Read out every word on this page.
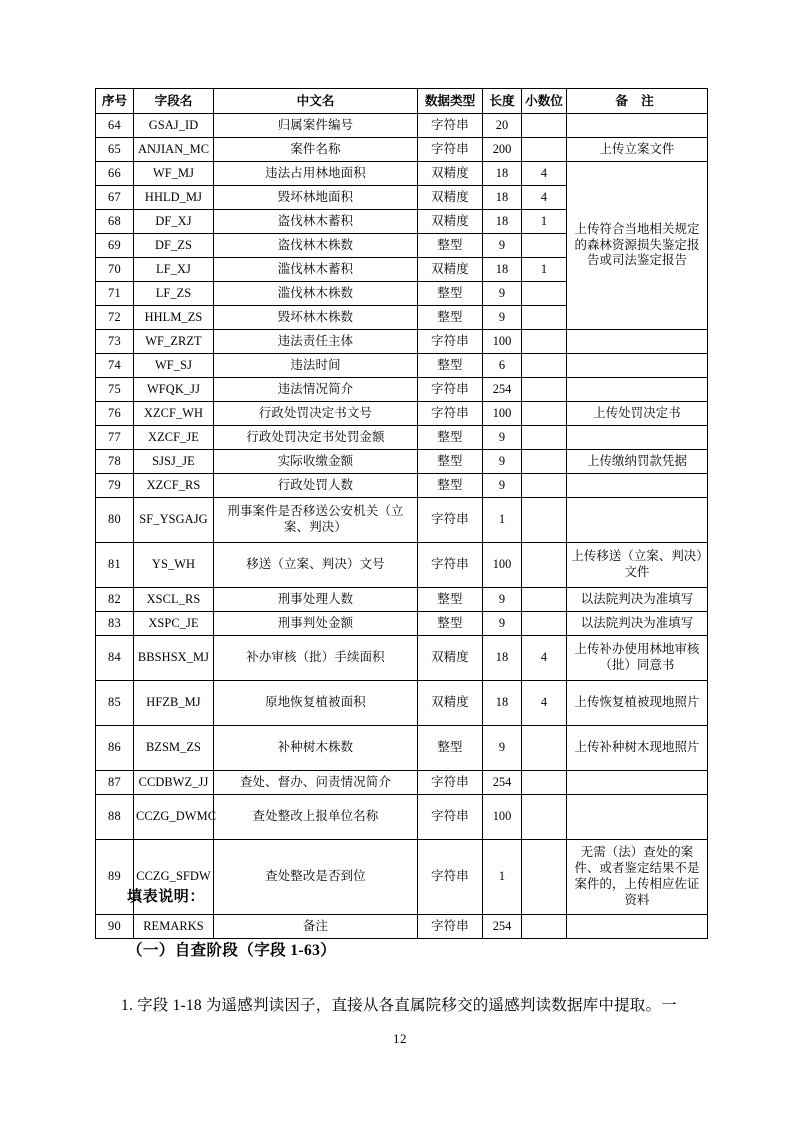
序号	字段名	中文名	数据类型	长度	小数位	备 注
64	GSAJ_ID	归属案件编号	字符串	20		
65	ANJIAN_MC	案件名称	字符串	200		上传立案文件
66	WF_MJ	违法占用林地面积	双精度	18	4	上传符合当地相关规定的森林资源损失鉴定报告或司法鉴定报告
67	HHLD_MJ	毁坏林地面积	双精度	18	4	
68	DF_XJ	盗伐林木蓄积	双精度	18	1	
69	DF_ZS	盗伐林木株数	整型	9		
70	LF_XJ	滥伐林木蓄积	双精度	18	1	
71	LF_ZS	滥伐林木株数	整型	9		
72	HHLM_ZS	毁坏林木株数	整型	9		
73	WF_ZRZT	违法责任主体	字符串	100		
74	WF_SJ	违法时间	整型	6		
75	WFQK_JJ	违法情况简介	字符串	254		
76	XZCF_WH	行政处罚决定书文号	字符串	100		上传处罚决定书
77	XZCF_JE	行政处罚决定书处罚金额	整型	9		
78	SJSJ_JE	实际收缴金额	整型	9		上传缴纳罚款凭据
79	XZCF_RS	行政处罚人数	整型	9		
80	SF_YSGAJG	刑事案件是否移送公安机关（立案、判决）	字符串	1		
81	YS_WH	移送（立案、判决）文号	字符串	100		上传移送（立案、判决）文件
82	XSCL_RS	刑事处理人数	整型	9		以法院判决为准填写
83	XSPC_JE	刑事判处金额	整型	9		以法院判决为准填写
84	BBSHSX_MJ	补办审核（批）手续面积	双精度	18	4	上传补办使用林地审核（批）同意书
85	HFZB_MJ	原地恢复植被面积	双精度	18	4	上传恢复植被现地照片
86	BZSM_ZS	补种树木株数	整型	9		上传补种树木现地照片
87	CCDBWZ_JJ	查处、督办、问责情况简介	字符串	254		
88	CCZG_DWMC	查处整改上报单位名称	字符串	100		
89	CCZG_SFDW	查处整改是否到位	字符串	1		无需（法）查处的案件、或者鉴定结果不是案件的，上传相应佐证资料
90	REMARKS	备注	字符串	254		
填表说明：
（一）自查阶段（字段 1-63）
1. 字段 1-18 为遥感判读因子，直接从各直属院移交的遥感判读数据库中提取。一
12
